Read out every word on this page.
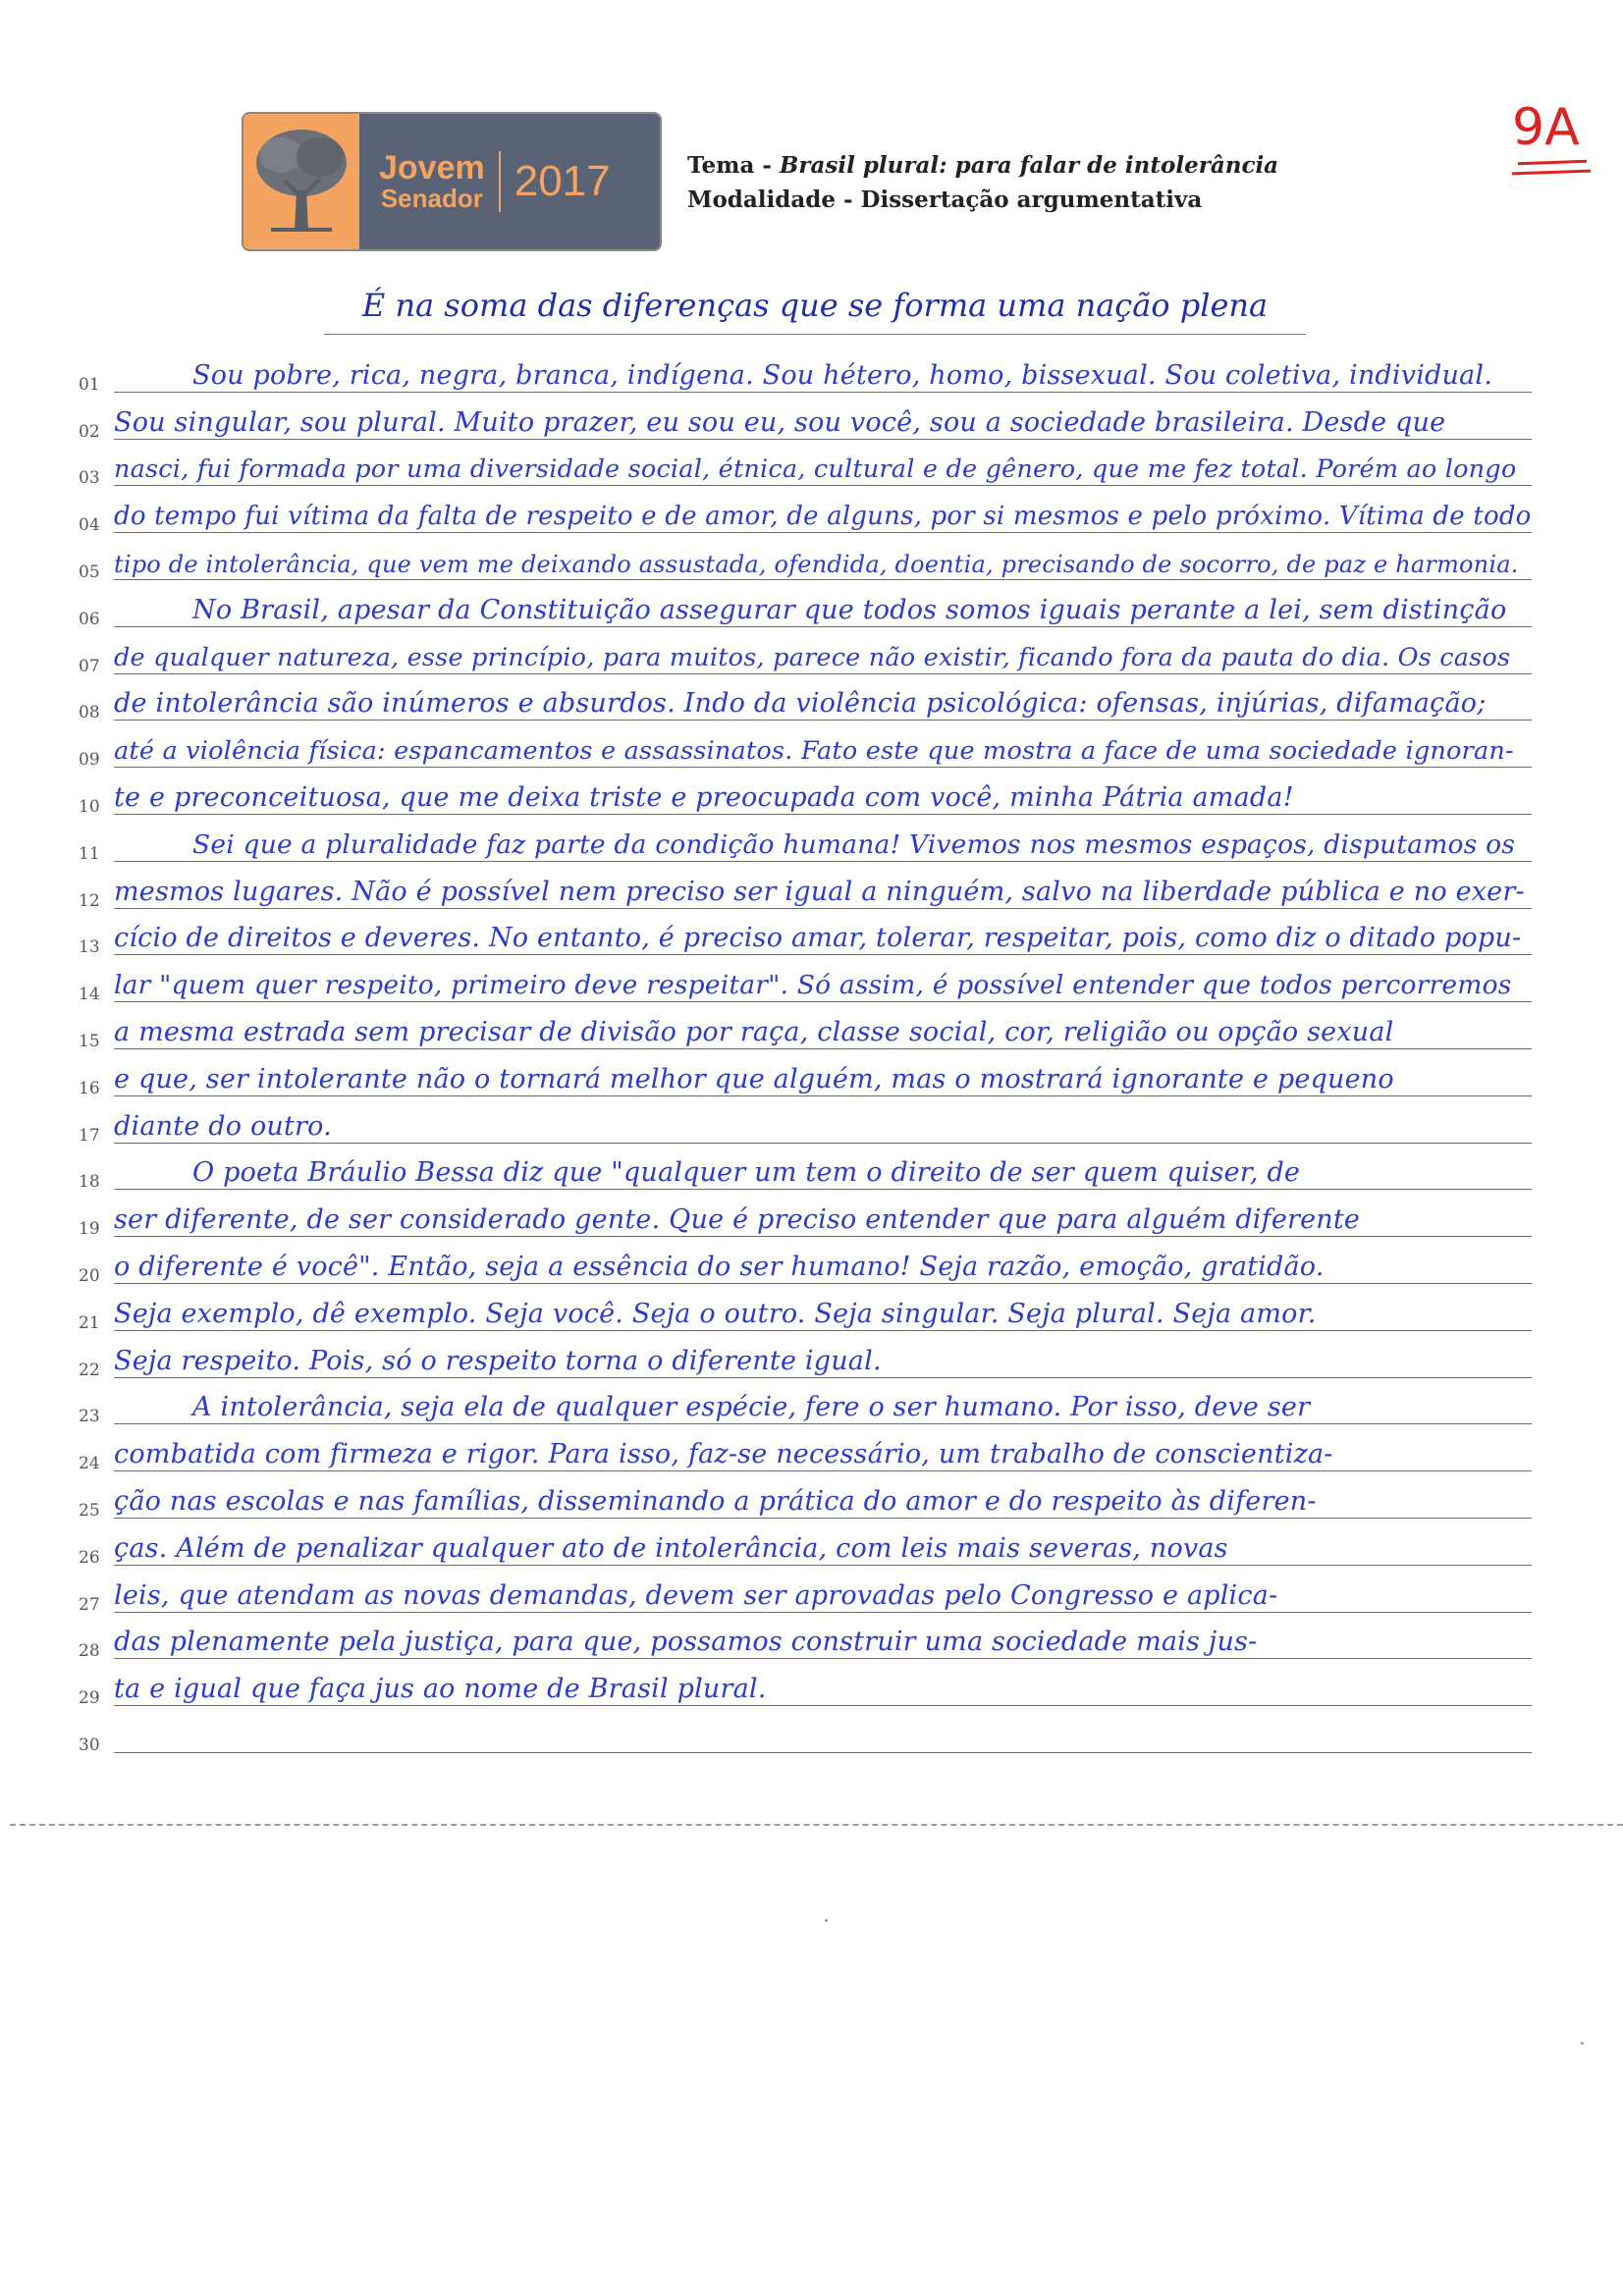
Jovem
Senador 2017	Tema - Brasil plural: para falar de intolerância
Modalidade - Dissertação argumentativa
9A
É na soma das diferenças que se forma uma nação plena
01	Sou pobre, rica, negra, branca, indígena. Sou hétero, homo, bissexual. Sou coletiva, individual.
02 Sou singular, sou plural. Muito prazer, eu sou eu, sou você, sou a sociedade brasileira. Desde que
03 nasci, fui formada por uma diversidade social, étnica, cultural e de gênero, que me fez total. Porém ao longo
04 do tempo fui vítima da falta de respeito e de amor, de alguns, por si mesmos e pelo próximo. Vítima de todo
05 tipo de intolerância, que vem me deixando assustada, ofendida, doentia, precisando de socorro, de paz e harmonia.
06	No Brasil, apesar da Constituição assegurar que todos somos iguais perante a lei, sem distinção
07 de qualquer natureza, esse princípio, para muitos, parece não existir, ficando fora da pauta do dia. Os casos
08 de intolerância são inúmeros e absurdos. Indo da violência psicológica: ofensas, injúrias, difamação;
09 até a violência física: espancamentos e assassinatos. Fato este que mostra a face de uma sociedade ignoran-
10 te e preconceituosa, que me deixa triste e preocupada com você, minha Pátria amada!
11	Sei que a pluralidade faz parte da condição humana! Vivemos nos mesmos espaços, disputamos os
12 mesmos lugares. Não é possível nem preciso ser igual a ninguém, salvo na liberdade pública e no exer-
13 cício de direitos e deveres. No entanto, é preciso amar, tolerar, respeitar, pois, como diz o ditado popu-
14 lar "quem quer respeito, primeiro deve respeitar". Só assim, é possível entender que todos percorremos
15 a mesma estrada sem precisar de divisão por raça, classe social, cor, religião ou opção sexual
16 e que, ser intolerante não o tornará melhor que alguém, mas o mostrará ignorante e pequeno
17 diante do outro.
18	O poeta Bráulio Bessa diz que "qualquer um tem o direito de ser quem quiser, de
19 ser diferente, de ser considerado gente. Que é preciso entender que para alguém diferente
20 o diferente é você". Então, seja a essência do ser humano! Seja razão, emoção, gratidão.
21 Seja exemplo, dê exemplo. Seja você. Seja o outro. Seja singular. Seja plural. Seja amor.
22 Seja respeito. Pois, só o respeito torna o diferente igual.
23	A intolerância, seja ela de qualquer espécie, fere o ser humano. Por isso, deve ser
24 combatida com firmeza e rigor. Para isso, faz-se necessário, um trabalho de conscientiza-
25 ção nas escolas e nas famílias, disseminando a prática do amor e do respeito às diferen-
26 ças. Além de penalizar qualquer ato de intolerância, com leis mais severas, novas
27 leis, que atendam as novas demandas, devem ser aprovadas pelo Congresso e aplica-
28 das plenamente pela justiça, para que, possamos construir uma sociedade mais jus-
29 ta e igual que faça jus ao nome de Brasil plural.
30
